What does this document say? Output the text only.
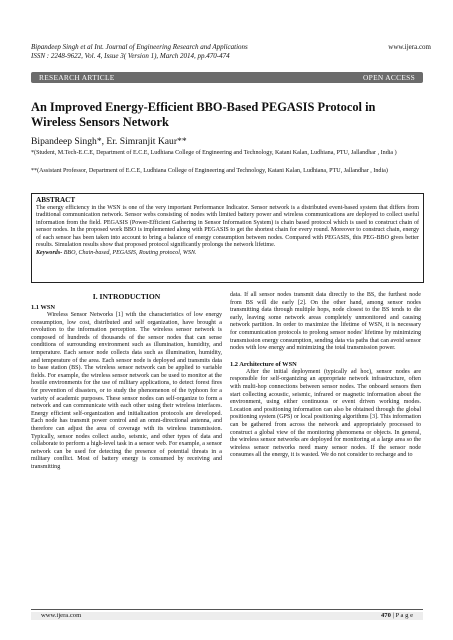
Bipandeep Singh et al Int. Journal of Engineering Research and Applications
ISSN : 2248-9622, Vol. 4, Issue 3( Version 1), March 2014, pp.470-474
www.ijera.com
RESEARCH ARTICLE	OPEN ACCESS
An Improved Energy-Efficient BBO-Based PEGASIS Protocol in Wireless Sensors Network
Bipandeep Singh*, Er. Simranjit Kaur**
*(Student, M.Tech-E.C.E, Department of E.C.E, Ludhiana College of Engineering and Technology, Katani Kalan, Ludhiana, PTU, Jallandhar , India )
**(Assistant Professor, Department of E.C.E, Ludhiana College of Engineering and Technology, Katani Kalan, Ludhiana, PTU, Jallandhar , India)
ABSTRACT
The energy efficiency in the WSN is one of the very important Performance Indicator. Sensor network is a distributed event-based system that differs from traditional communication network. Sensor webs consisting of nodes with limited battery power and wireless communications are deployed to collect useful information from the field. PEGASIS (Power-Efficient Gathering in Sensor Information System) is chain based protocol which is used to construct chain of sensor nodes. In the proposed work BBO is implemented along with PEGASIS to get the shortest chain for every round. Moreover to construct chain, energy of each sensor has been taken into account to bring a balance of energy consumption between nodes. Compared with PEGASIS, this PEG-BBO gives better results. Simulation results show that proposed protocol significantly prolongs the network lifetime.
Keywords- BBO, Chain-based, PEGASIS, Routing protocol, WSN.
I. INTRODUCTION
1.1 WSN

Wireless Sensor Networks [1] with the characteristics of low energy consumption, low cost, distributed and self organization, have brought a revolution to the information perception. The wireless sensor network is composed of hundreds of thousands of the sensor nodes that can sense conditions of surrounding environment such as illumination, humidity, and temperature. Each sensor node collects data such as illumination, humidity, and temperature of the area. Each sensor node is deployed and transmits data to base station (BS). The wireless sensor network can be applied to variable fields. For example, the wireless sensor network can be used to monitor at the hostile environments for the use of military applications, to detect forest fires for prevention of disasters, or to study the phenomenon of the typhoon for a variety of academic purposes. These sensor nodes can self-organize to form a network and can communicate with each other using their wireless interfaces. Energy efficient self-organization and initialization protocols are developed. Each node has transmit power control and an omni-directional antenna, and therefore can adjust the area of coverage with its wireless transmission. Typically, sensor nodes collect audio, seismic, and other types of data and collaborate to perform a high-level task in a sensor web. For example, a sensor network can be used for detecting the presence of potential threats in a military conflict. Most of battery energy is consumed by receiving and transmitting

data. If all sensor nodes transmit data directly to the BS, the furthest node from BS will die early [2]. On the other hand, among sensor nodes transmitting data through multiple hops, node closest to the BS tends to die early, leaving some network areas completely unmonitored and causing network partition. In order to maximize the lifetime of WSN, it is necessary for communication protocols to prolong sensor nodes' lifetime by minimizing transmission energy consumption, sending data via paths that can avoid sensor nodes with low energy and minimizing the total transmission power.

1.2 Architecture of WSN

After the initial deployment (typically ad hoc), sensor nodes are responsible for self-organizing an appropriate network infrastructure, often with multi-hop connections between sensor nodes. The onboard sensors then start collecting acoustic, seismic, infrared or magnetic information about the environment, using either continuous or event driven working modes. Location and positioning information can also be obtained through the global positioning system (GPS) or local positioning algorithms [3]. This information can be gathered from across the network and appropriately processed to construct a global view of the monitoring phenomena or objects. In general, the wireless sensor networks are deployed for monitoring at a large area so the wireless sensor networks need many sensor nodes. If the sensor node consumes all the energy, it is wasted. We do not consider to recharge and to

www.ijera.com	470 | P a g e
